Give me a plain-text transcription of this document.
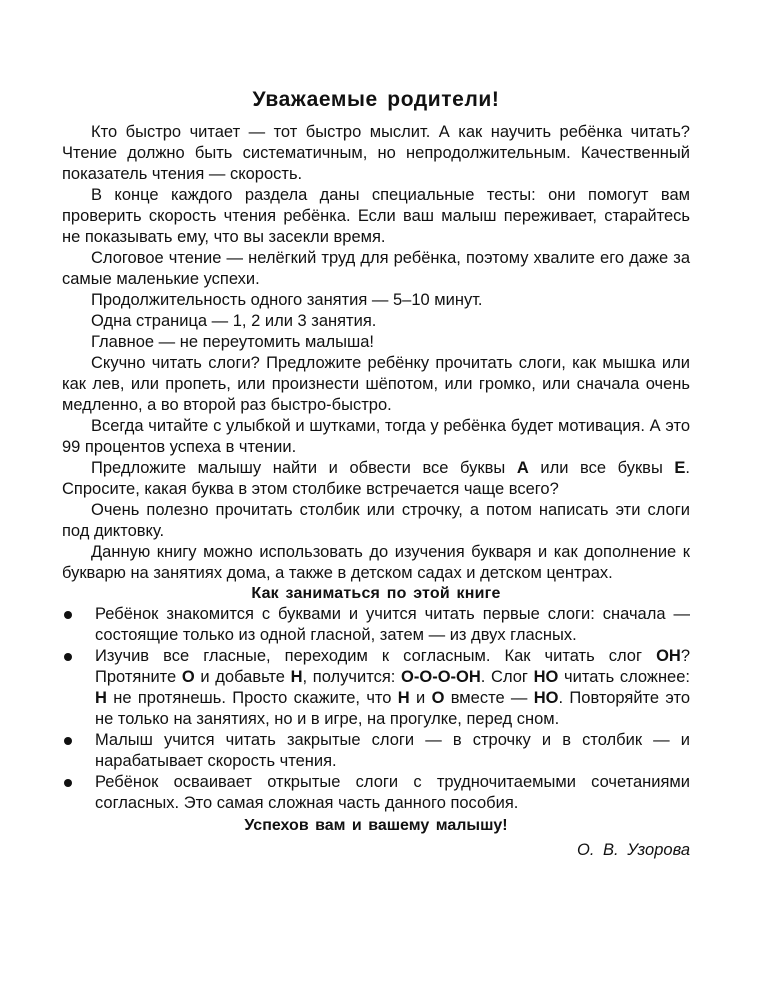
Уважаемые родители!

Кто быстро читает — тот быстро мыслит. А как научить ребёнка читать? Чтение должно быть систематичным, но непродолжительным. Качественный показатель чтения — скорость.

В конце каждого раздела даны специальные тесты: они помогут вам проверить скорость чтения ребёнка. Если ваш малыш переживает, старайтесь не показывать ему, что вы засекли время.

Слоговое чтение — нелёгкий труд для ребёнка, поэтому хвалите его даже за самые маленькие успехи.

Продолжительность одного занятия — 5–10 минут.

Одна страница — 1, 2 или 3 занятия.

Главное — не переутомить малыша!

Скучно читать слоги? Предложите ребёнку прочитать слоги, как мышка или как лев, или пропеть, или произнести шёпотом, или громко, или сначала очень медленно, а во второй раз быстро-быстро.

Всегда читайте с улыбкой и шутками, тогда у ребёнка будет мотивация. А это 99 процентов успеха в чтении.

Предложите малышу найти и обвести все буквы А или все буквы Е. Спросите, какая буква в этом столбике встречается чаще всего?

Очень полезно прочитать столбик или строчку, а потом написать эти слоги под диктовку.

Данную книгу можно использовать до изучения букваря и как дополнение к букварю на занятиях дома, а также в детском садах и детском центрах.

Как заниматься по этой книге
Ребёнок знакомится с буквами и учится читать первые слоги: сначала — состоящие только из одной гласной, затем — из двух гласных.
Изучив все гласные, переходим к согласным. Как читать слог ОН? Протяните О и добавьте Н, получится: О-О-О-ОН. Слог НО читать сложнее: Н не протянешь. Просто скажите, что Н и О вместе — НО. Повторяйте это не только на занятиях, но и в игре, на прогулке, перед сном.
Малыш учится читать закрытые слоги — в строчку и в столбик — и нарабатывает скорость чтения.
Ребёнок осваивает открытые слоги с трудночитаемыми сочетаниями согласных. Это самая сложная часть данного пособия.

Успехов вам и вашему малышу!

О. В. Узорова
